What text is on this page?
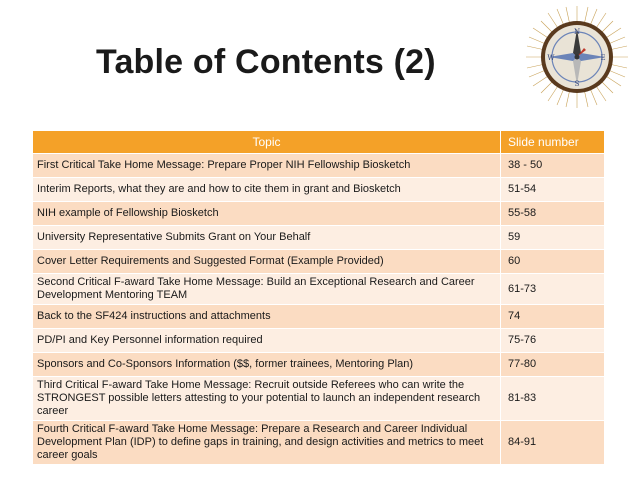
Table of Contents (2)
N
E
S
W
Topic	Slide number
First Critical Take Home Message: Prepare Proper NIH Fellowship Biosketch	38 - 50
Interim Reports, what they are and how to cite them in grant and Biosketch	51-54
NIH example of Fellowship Biosketch	55-58
University Representative Submits Grant on Your Behalf	59
Cover Letter Requirements and Suggested Format (Example Provided)	60
Second Critical F-award Take Home Message: Build an Exceptional Research and Career Development Mentoring TEAM	61-73
Back to the SF424 instructions and attachments	74
PD/PI and Key Personnel information required	75-76
Sponsors and Co-Sponsors Information ($$, former trainees, Mentoring Plan)	77-80
Third Critical F-award Take Home Message: Recruit outside Referees who can write the STRONGEST possible letters attesting to your potential to launch an independent research career	81-83
Fourth Critical F-award Take Home Message: Prepare a Research and Career Individual Development Plan (IDP) to define gaps in training, and design activities and metrics to meet career goals	84-91
